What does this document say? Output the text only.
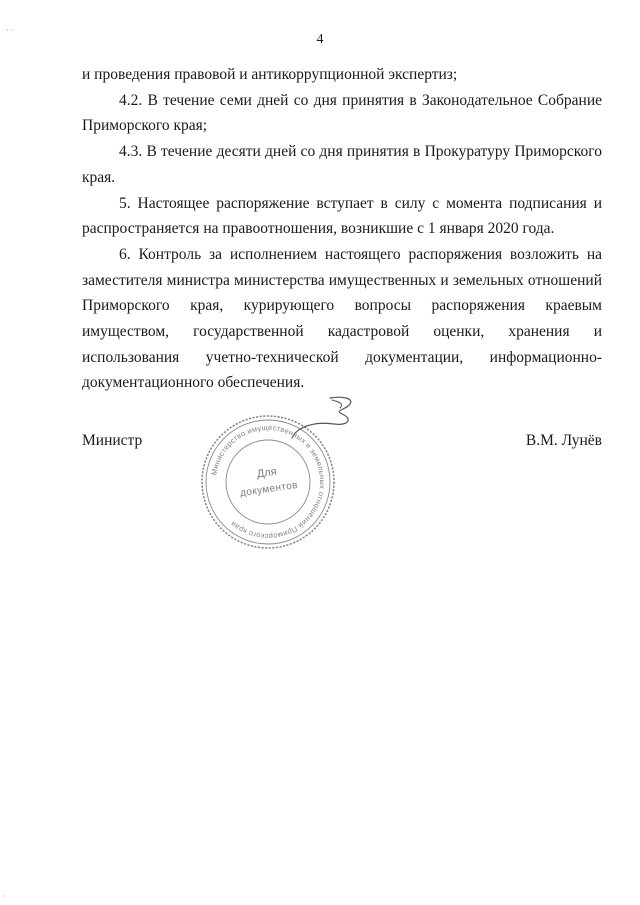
4

и проведения правовой и антикоррупционной экспертиз;

4.2. В течение семи дней со дня принятия в Законодательное Собрание Приморского края;

4.3. В течение десяти дней со дня принятия в Прокуратуру Приморского края.

5. Настоящее распоряжение вступает в силу с момента подписания и распространяется на правоотношения, возникшие с 1 января 2020 года.

6. Контроль за исполнением настоящего распоряжения возложить на заместителя министра министерства имущественных и земельных отношений Приморского края, курирующего вопросы распоряжения краевым имуществом, государственной кадастровой оценки, хранения и использования учетно-технической документации, информационно-документационного обеспечения.

Министр	В.М. Лунёв
Министерство имущественных и земельных отношений Приморского края
Для
документов
· ·
·
